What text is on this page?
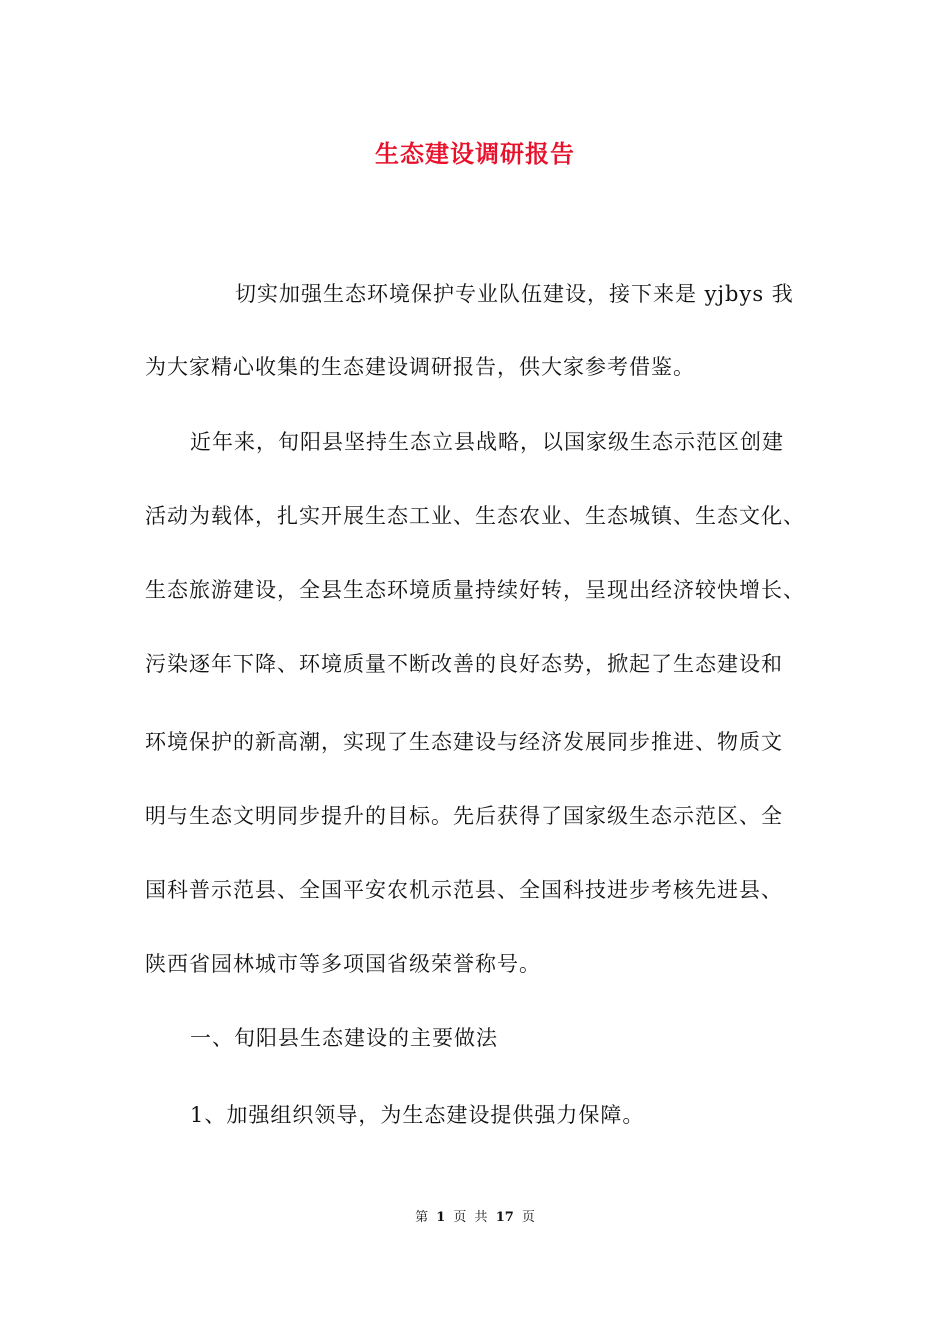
生态建设调研报告
切实加强生态环境保护专业队伍建设，接下来是 yjbys 我
为大家精心收集的生态建设调研报告，供大家参考借鉴。
近年来，旬阳县坚持生态立县战略，以国家级生态示范区创建
活动为载体，扎实开展生态工业、生态农业、生态城镇、生态文化、
生态旅游建设，全县生态环境质量持续好转，呈现出经济较快增长、
污染逐年下降、环境质量不断改善的良好态势，掀起了生态建设和
环境保护的新高潮，实现了生态建设与经济发展同步推进、物质文
明与生态文明同步提升的目标。先后获得了国家级生态示范区、全
国科普示范县、全国平安农机示范县、全国科技进步考核先进县、
陕西省园林城市等多项国省级荣誉称号。
一、旬阳县生态建设的主要做法
1、加强组织领导，为生态建设提供强力保障。
第 1 页 共 17 页
